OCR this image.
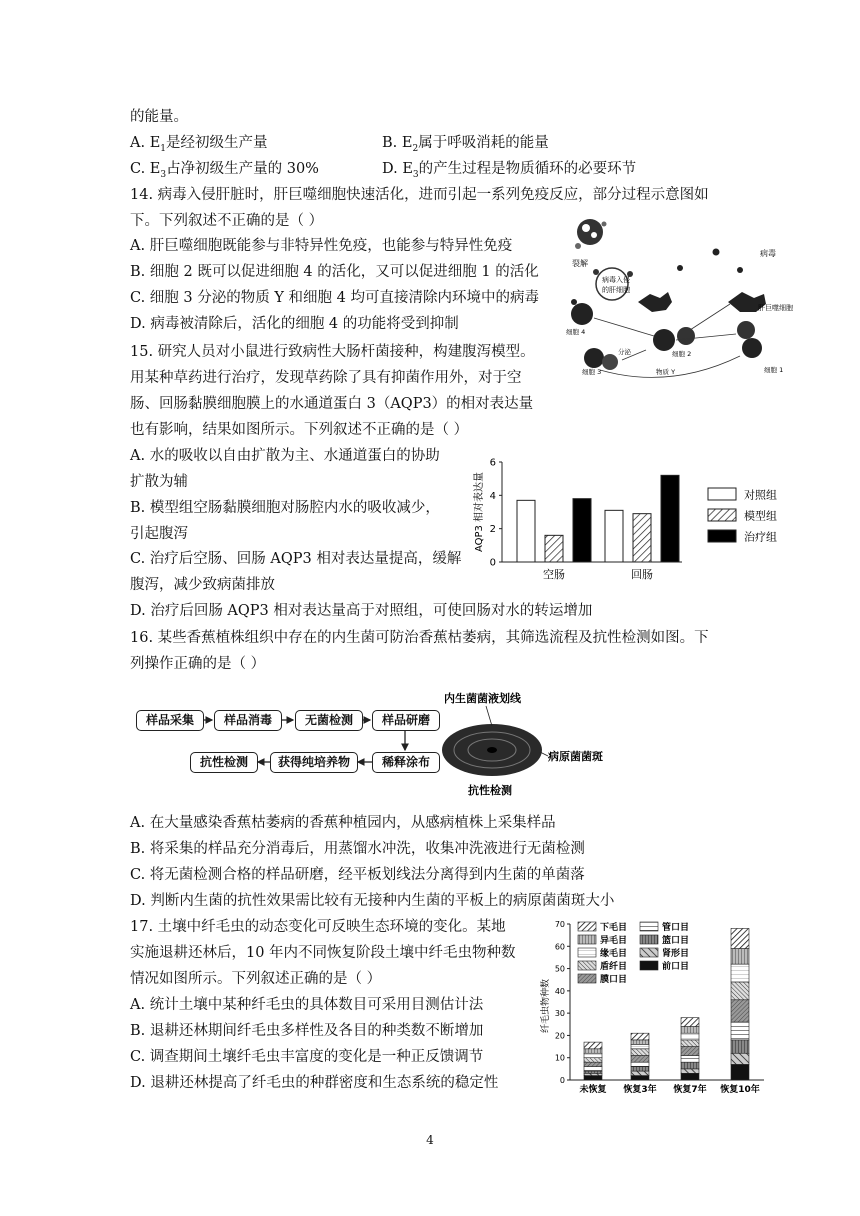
的能量。
A. $E_1$是经初级生产量	B. $E_2$属于呼吸消耗的能量
C. $E_3$占净初级生产量的 30%	D. $E_3$的产生过程是物质循环的必要环节
14. 病毒入侵肝脏时，肝巨噬细胞快速活化，进而引起一系列免疫反应，部分过程示意图如
下。下列叙述不正确的是（ ）
A. 肝巨噬细胞既能参与非特异性免疫，也能参与特异性免疫
B. 细胞 2 既可以促进细胞 4 的活化，又可以促进细胞 1 的活化
C. 细胞 3 分泌的物质 Y 和细胞 4 均可直接清除内环境中的病毒
D. 病毒被清除后，活化的细胞 4 的功能将受到抑制
裂解
病毒入侵
的肝细胞
病毒
肝巨噬细胞
细胞 4
细胞 2
细胞 1
细胞 3
分泌
物质 Y
15. 研究人员对小鼠进行致病性大肠杆菌接种，构建腹泻模型。
用某种草药进行治疗，发现草药除了具有抑菌作用外，对于空
肠、回肠黏膜细胞膜上的水通道蛋白 3（AQP3）的相对表达量
也有影响，结果如图所示。下列叙述不正确的是（ ）
A. 水的吸收以自由扩散为主、水通道蛋白的协助
扩散为辅
B. 模型组空肠黏膜细胞对肠腔内水的吸收减少，
引起腹泻
C. 治疗后空肠、回肠 AQP3 相对表达量提高，缓解
腹泻，减少致病菌排放
D. 治疗后回肠 AQP3 相对表达量高于对照组，可使回肠对水的转运增加
0
2
4
6
AQP3 相对表达量
空肠	回肠
对照组
模型组
治疗组
16. 某些香蕉植株组织中存在的内生菌可防治香蕉枯萎病，其筛选流程及抗性检测如图。下
列操作正确的是（ ）
样品采集	样品消毒	无菌检测	样品研磨
稀释涂布
获得纯培养物
抗性检测
内生菌菌液划线
病原菌菌斑
抗性检测
A. 在大量感染香蕉枯萎病的香蕉种植园内，从感病植株上采集样品
B. 将采集的样品充分消毒后，用蒸馏水冲洗，收集冲洗液进行无菌检测
C. 将无菌检测合格的样品研磨，经平板划线法分离得到内生菌的单菌落
D. 判断内生菌的抗性效果需比较有无接种内生菌的平板上的病原菌菌斑大小
17. 土壤中纤毛虫的动态变化可反映生态环境的变化。某地
实施退耕还林后，10 年内不同恢复阶段土壤中纤毛虫物种数
情况如图所示。下列叙述正确的是（ ）
A. 统计土壤中某种纤毛虫的具体数目可采用目测估计法
B. 退耕还林期间纤毛虫多样性及各目的种类数不断增加
C. 调查期间土壤纤毛虫丰富度的变化是一种正反馈调节
D. 退耕还林提高了纤毛虫的种群密度和生态系统的稳定性	0
10
20
30
40
50
60
70
纤毛虫物种数
未恢复 恢复3年 恢复7年 恢复10年
下毛目
异毛目
缘毛目
盾纤目
膜口目
管口目
篮口目
肾形目
前口目
4
